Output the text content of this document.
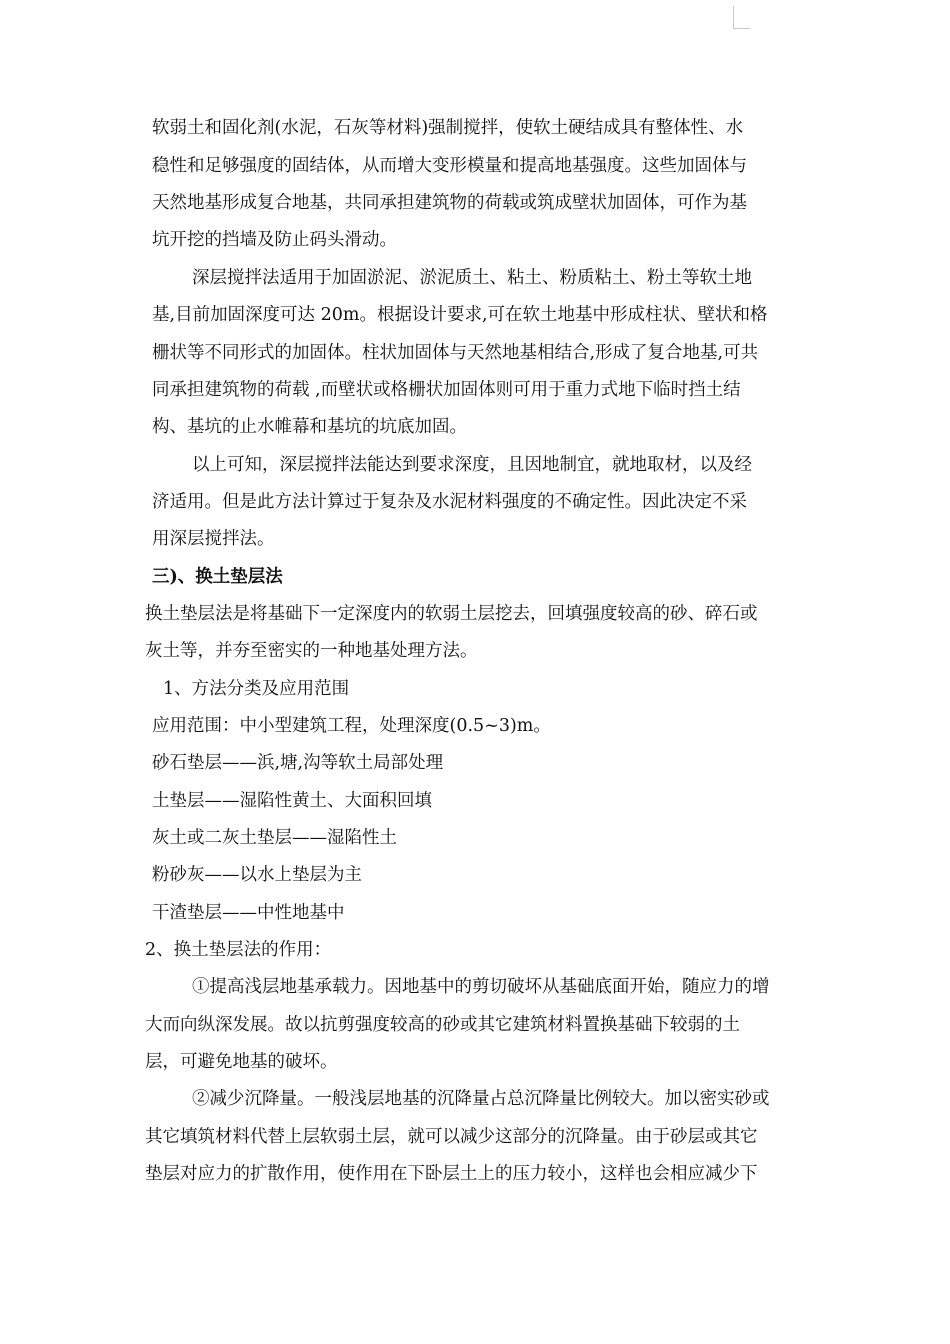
软弱土和固化剂(水泥，石灰等材料)强制搅拌，使软土硬结成具有整体性、水
稳性和足够强度的固结体，从而增大变形模量和提高地基强度。这些加固体与
天然地基形成复合地基，共同承担建筑物的荷载或筑成壁状加固体，可作为基
坑开挖的挡墙及防止码头滑动。
深层搅拌法适用于加固淤泥、淤泥质土、粘土、粉质粘土、粉土等软土地
基,目前加固深度可达 20m。根据设计要求,可在软土地基中形成柱状、壁状和格
栅状等不同形式的加固体。柱状加固体与天然地基相结合,形成了复合地基,可共
同承担建筑物的荷载 ,而壁状或格栅状加固体则可用于重力式地下临时挡土结
构、基坑的止水帷幕和基坑的坑底加固。
以上可知，深层搅拌法能达到要求深度，且因地制宜，就地取材，以及经
济适用。但是此方法计算过于复杂及水泥材料强度的不确定性。因此决定不采
用深层搅拌法。
三)、换土垫层法
换土垫层法是将基础下一定深度内的软弱土层挖去，回填强度较高的砂、碎石或
灰土等，并夯至密实的一种地基处理方法。
1、方法分类及应用范围
应用范围：中小型建筑工程，处理深度(0.5~3)m。
砂石垫层——浜,塘,沟等软土局部处理
土垫层——湿陷性黄土、大面积回填
灰土或二灰土垫层——湿陷性土
粉砂灰——以水上垫层为主
干渣垫层——中性地基中
2、换土垫层法的作用：
①提高浅层地基承载力。因地基中的剪切破坏从基础底面开始，随应力的增
大而向纵深发展。故以抗剪强度较高的砂或其它建筑材料置换基础下较弱的土
层，可避免地基的破坏。
②减少沉降量。一般浅层地基的沉降量占总沉降量比例较大。加以密实砂或
其它填筑材料代替上层软弱土层，就可以减少这部分的沉降量。由于砂层或其它
垫层对应力的扩散作用，使作用在下卧层土上的压力较小，这样也会相应减少下
